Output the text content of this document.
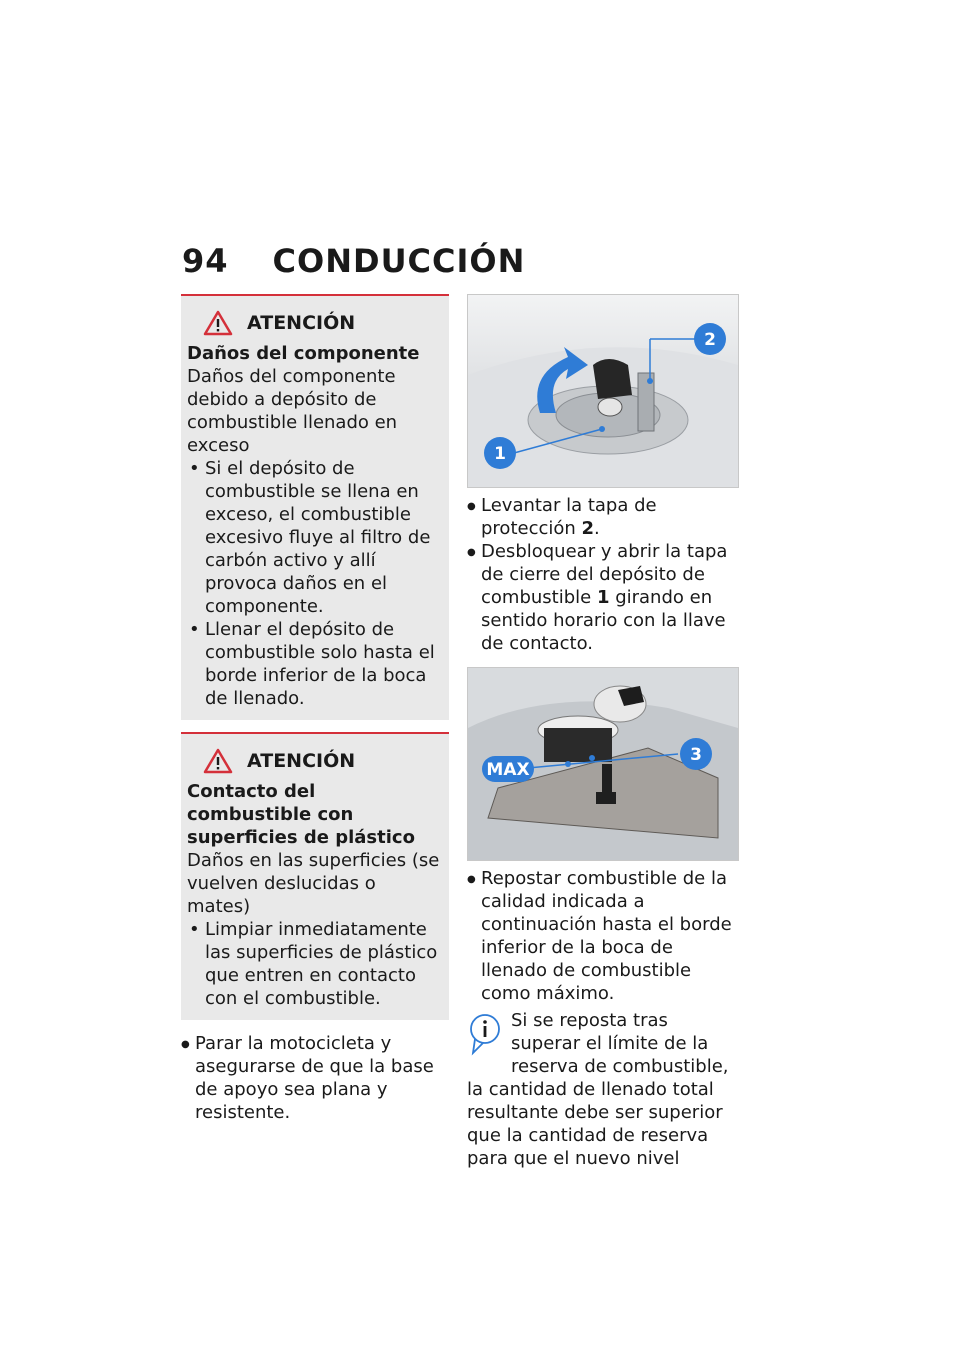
94 CONDUCCIÓN
ATENCIÓN
Daños del componente
Daños del componente debido a depósito de combustible llenado en exceso
• Si el depósito de combustible se llena en exceso, el combustible excesivo fluye al filtro de carbón activo y allí provoca daños en el componente.
• Llenar el depósito de combustible solo hasta el borde inferior de la boca de llenado.
ATENCIÓN
Contacto del combustible con superficies de plástico
Daños en las superficies (se vuelven deslucidas o mates)
• Limpiar inmediatamente las superficies de plástico que entren en contacto con el combustible.
● Parar la motocicleta y asegurarse de que la base de apoyo sea plana y resistente.
1
2
● Levantar la tapa de protección 2.
● Desbloquear y abrir la tapa de cierre del depósito de combustible 1 girando en sentido horario con la llave de contacto.
MAX
3
● Repostar combustible de la calidad indicada a continuación hasta el borde inferior de la boca de llenado de combustible como máximo.
Si se reposta tras superar el límite de la reserva de combustible, la cantidad de llenado total resultante debe ser superior que la cantidad de reserva para que el nuevo nivel
